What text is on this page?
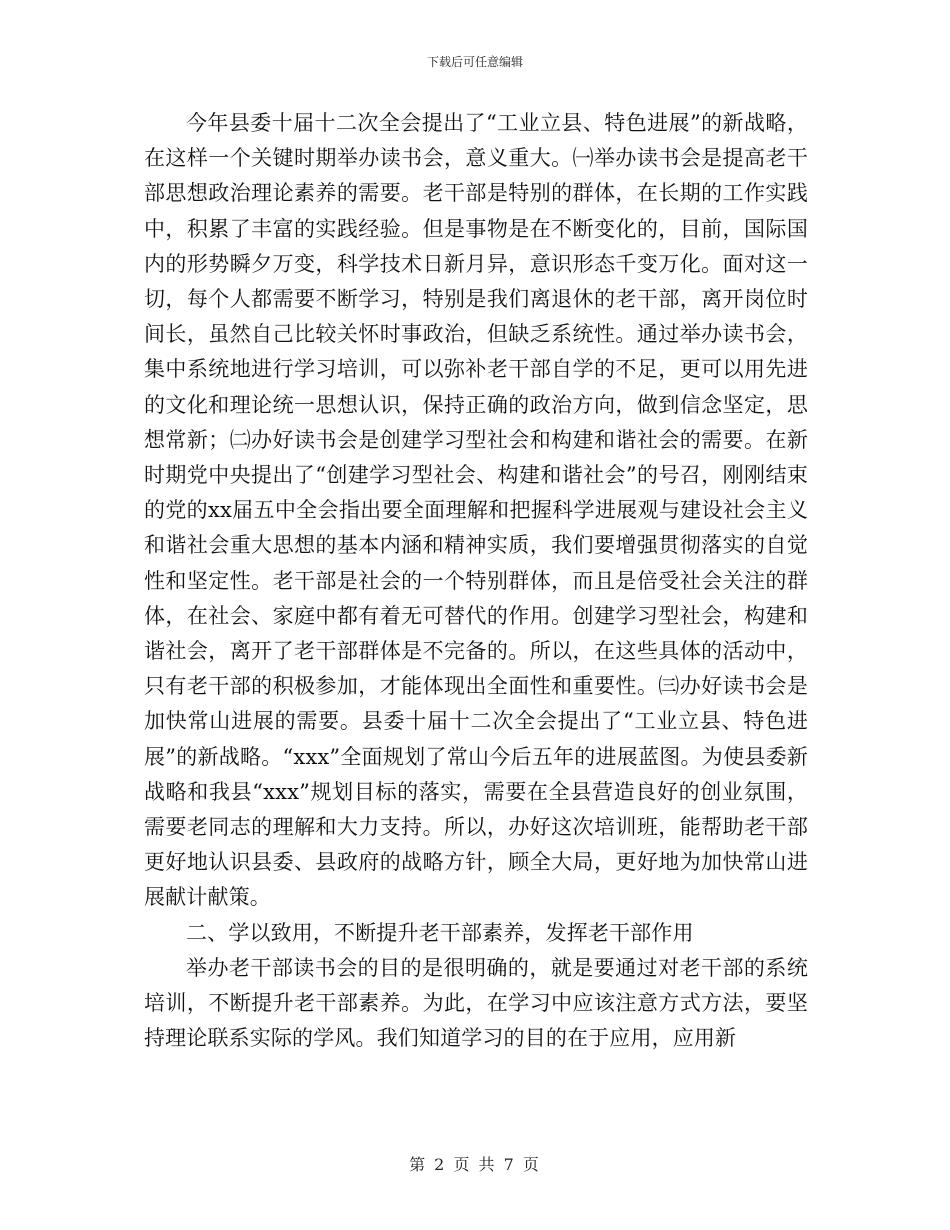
下载后可任意编辑

今年县委十届十二次全会提出了“工业立县、特色进展”的新战略，在这样一个关键时期举办读书会，意义重大。㈠举办读书会是提高老干部思想政治理论素养的需要。老干部是特别的群体，在长期的工作实践中，积累了丰富的实践经验。但是事物是在不断变化的，目前，国际国内的形势瞬夕万变，科学技术日新月异，意识形态千变万化。面对这一切，每个人都需要不断学习，特别是我们离退休的老干部，离开岗位时间长，虽然自己比较关怀时事政治，但缺乏系统性。通过举办读书会，集中系统地进行学习培训，可以弥补老干部自学的不足，更可以用先进的文化和理论统一思想认识，保持正确的政治方向，做到信念坚定，思想常新；㈡办好读书会是创建学习型社会和构建和谐社会的需要。在新时期党中央提出了“创建学习型社会、构建和谐社会”的号召，刚刚结束的党的xx届五中全会指出要全面理解和把握科学进展观与建设社会主义和谐社会重大思想的基本内涵和精神实质，我们要增强贯彻落实的自觉性和坚定性。老干部是社会的一个特别群体，而且是倍受社会关注的群体，在社会、家庭中都有着无可替代的作用。创建学习型社会，构建和谐社会，离开了老干部群体是不完备的。所以，在这些具体的活动中，只有老干部的积极参加，才能体现出全面性和重要性。㈢办好读书会是加快常山进展的需要。县委十届十二次全会提出了“工业立县、特色进展”的新战略。“xxx”全面规划了常山今后五年的进展蓝图。为使县委新战略和我县“xxx”规划目标的落实，需要在全县营造良好的创业氛围，需要老同志的理解和大力支持。所以，办好这次培训班，能帮助老干部更好地认识县委、县政府的战略方针，顾全大局，更好地为加快常山进展献计献策。

二、学以致用，不断提升老干部素养，发挥老干部作用

举办老干部读书会的目的是很明确的，就是要通过对老干部的系统培训，不断提升老干部素养。为此，在学习中应该注意方式方法，要坚持理论联系实际的学风。我们知道学习的目的在于应用，应用新

第 2 页 共 7 页
